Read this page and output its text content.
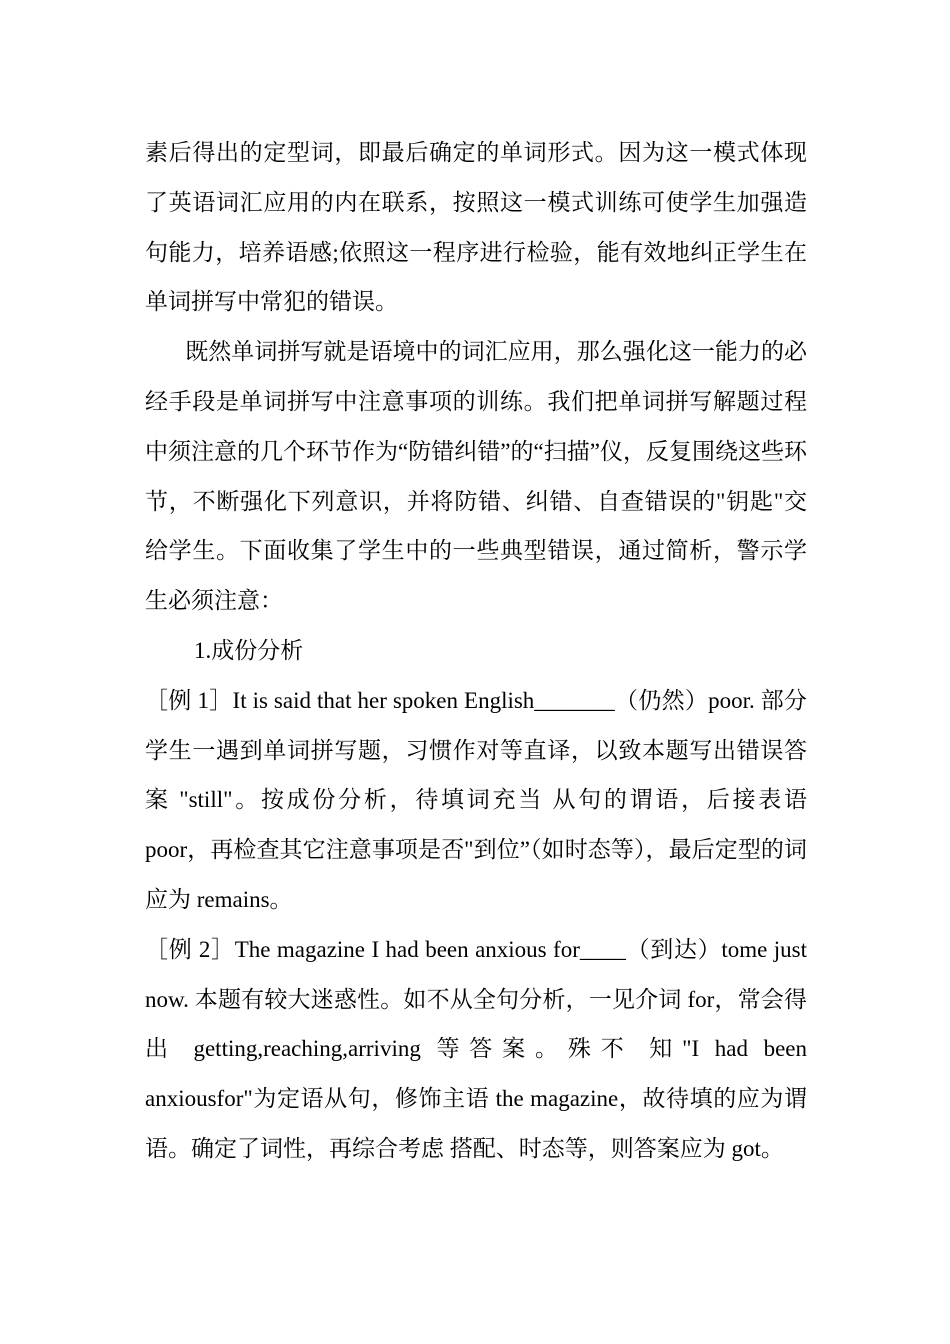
素后得出的定型词，即最后确定的单词形式。因为这一模式体现了英语词汇应用的内在联系，按照这一模式训练可使学生加强造句能力，培养语感;依照这一程序进行检验，能有效地纠正学生在单词拼写中常犯的错误。

既然单词拼写就是语境中的词汇应用，那么强化这一能力的必经手段是单词拼写中注意事项的训练。我们把单词拼写解题过程中须注意的几个环节作为“防错纠错”的“扫描”仪，反复围绕这些环节，不断强化下列意识，并将防错、纠错、自查错误的"钥匙"交给学生。下面收集了学生中的一些典型错误，通过简析，警示学生必须注意：

1.成份分析

［例 1］It is said that her spoken English_______（仍然）poor. 部分学生一遇到单词拼写题，习惯作对等直译，以致本题写出错误答案 "still"。按成份分析，待填词充当 从句的谓语，后接表语 poor，再检查其它注意事项是否"到位”（如时态等），最后定型的词应为 remains。

［例 2］The magazine I had been anxious for____（到达）tome just now. 本题有较大迷惑性。如不从全句分析，一见介词 for，常会得出 getting,reaching,arriving 等答案。殊不 知"I had been anxiousfor"为定语从句，修饰主语 the magazine，故待填的应为谓语。确定了词性，再综合考虑 搭配、时态等，则答案应为 got。
